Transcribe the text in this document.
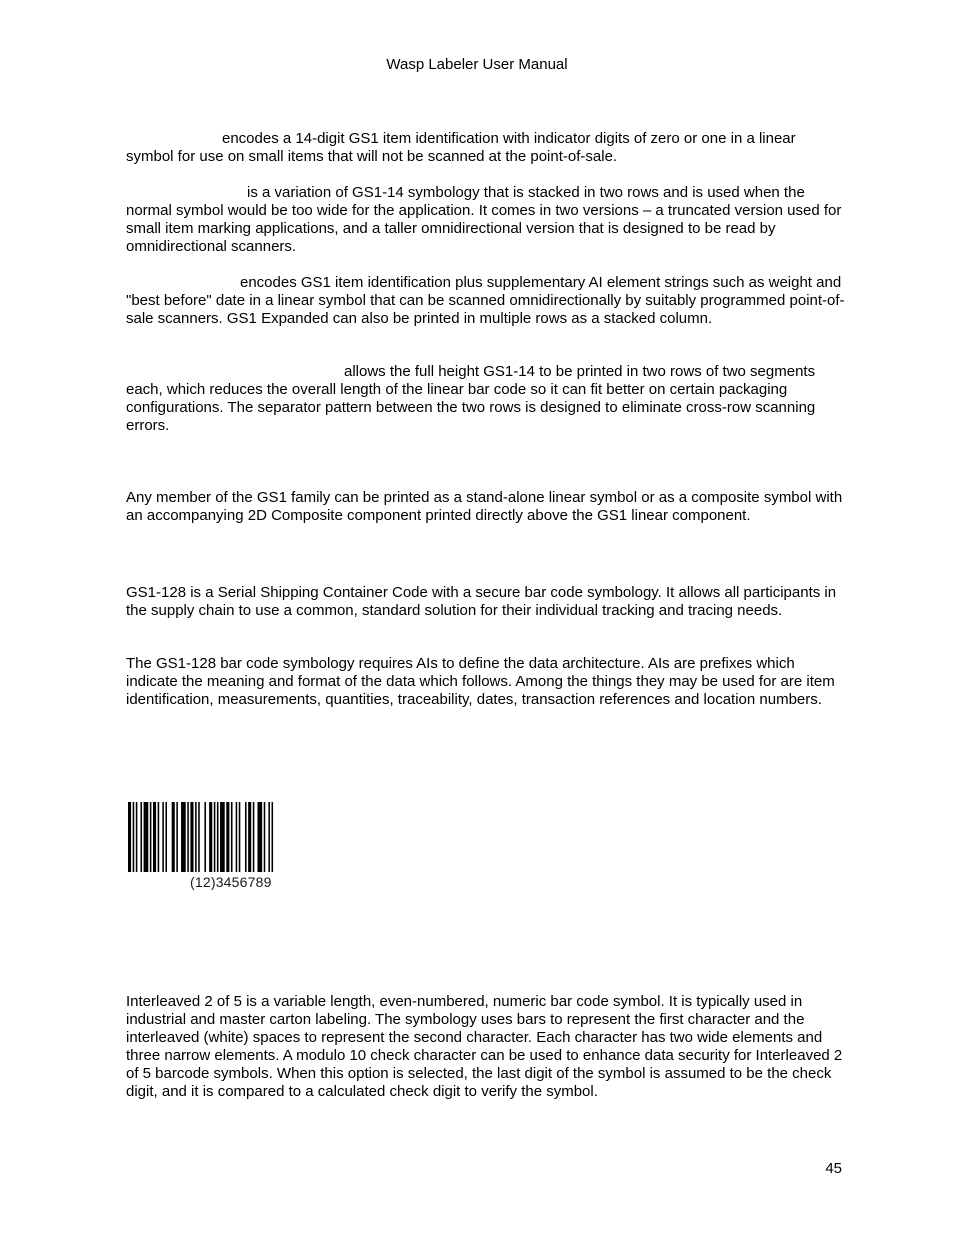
Wasp Labeler User Manual

encodes a 14-digit GS1 item identification with indicator digits of zero or one in a linear symbol for use on small items that will not be scanned at the point-of-sale.

is a variation of GS1-14 symbology that is stacked in two rows and is used when the normal symbol would be too wide for the application. It comes in two versions – a truncated version used for small item marking applications, and a taller omnidirectional version that is designed to be read by omnidirectional scanners.

encodes GS1 item identification plus supplementary AI element strings such as weight and "best before" date in a linear symbol that can be scanned omnidirectionally by suitably programmed point-of-sale scanners. GS1 Expanded can also be printed in multiple rows as a stacked column.

allows the full height GS1-14 to be printed in two rows of two segments each, which reduces the overall length of the linear bar code so it can fit better on certain packaging configurations. The separator pattern between the two rows is designed to eliminate cross-row scanning errors.

Any member of the GS1 family can be printed as a stand-alone linear symbol or as a composite symbol with an accompanying 2D Composite component printed directly above the GS1 linear component.

GS1-128 is a Serial Shipping Container Code with a secure bar code symbology. It allows all participants in the supply chain to use a common, standard solution for their individual tracking and tracing needs.

The GS1-128 bar code symbology requires AIs to define the data architecture. AIs are prefixes which indicate the meaning and format of the data which follows. Among the things they may be used for are item identification, measurements, quantities, traceability, dates, transaction references and location numbers.

(12)3456789

Interleaved 2 of 5 is a variable length, even-numbered, numeric bar code symbol. It is typically used in industrial and master carton labeling. The symbology uses bars to represent the first character and the interleaved (white) spaces to represent the second character. Each character has two wide elements and three narrow elements. A modulo 10 check character can be used to enhance data security for Interleaved 2 of 5 barcode symbols. When this option is selected, the last digit of the symbol is assumed to be the check digit, and it is compared to a calculated check digit to verify the symbol.

45
